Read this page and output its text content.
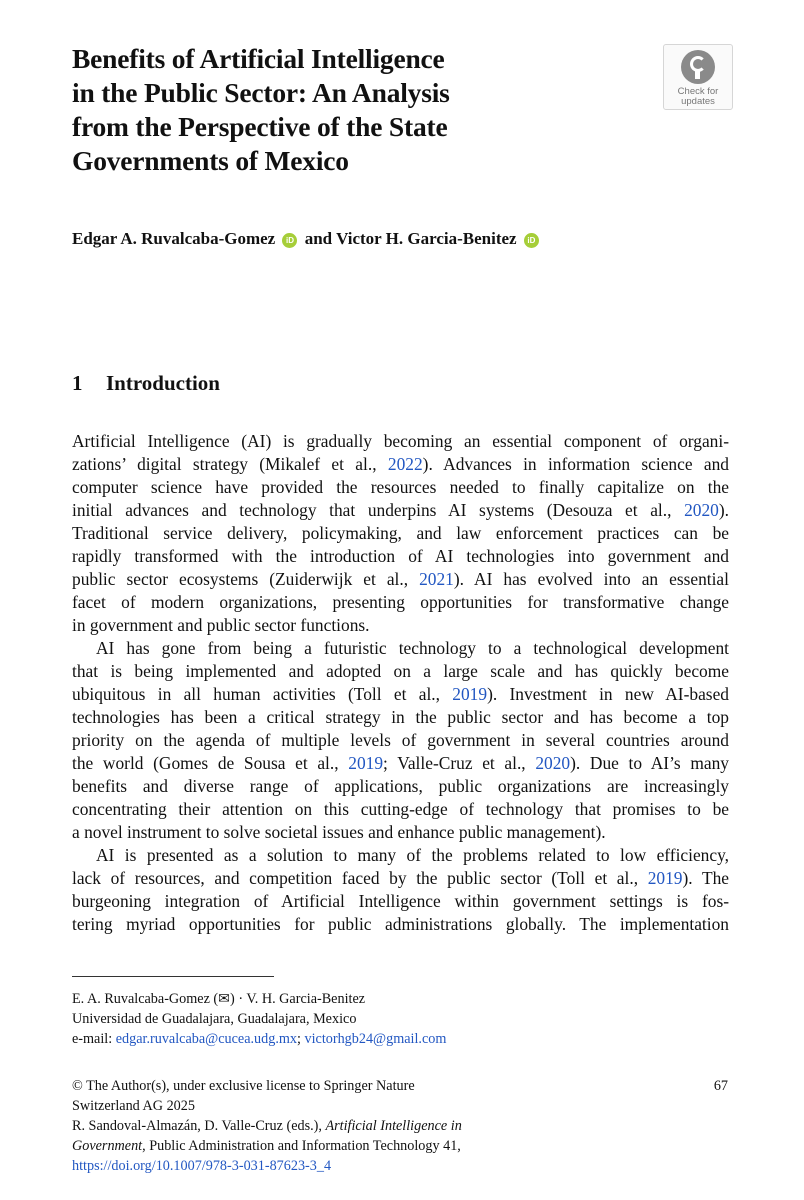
Benefits of Artificial Intelligence
in the Public Sector: An Analysis
from the Perspective of the State
Governments of Mexico
Check for
updates
Edgar A. Ruvalcaba-Gomez iD and Victor H. Garcia-Benitez iD
1 Introduction

Artificial Intelligence (AI) is gradually becoming an essential component of organi-
zations’ digital strategy (Mikalef et al., 2022). Advances in information science and
computer science have provided the resources needed to finally capitalize on the
initial advances and technology that underpins AI systems (Desouza et al., 2020).
Traditional service delivery, policymaking, and law enforcement practices can be
rapidly transformed with the introduction of AI technologies into government and
public sector ecosystems (Zuiderwijk et al., 2021). AI has evolved into an essential
facet of modern organizations, presenting opportunities for transformative change
in government and public sector functions.

AI has gone from being a futuristic technology to a technological development
that is being implemented and adopted on a large scale and has quickly become
ubiquitous in all human activities (Toll et al., 2019). Investment in new AI-based
technologies has been a critical strategy in the public sector and has become a top
priority on the agenda of multiple levels of government in several countries around
the world (Gomes de Sousa et al., 2019; Valle-Cruz et al., 2020). Due to AI’s many
benefits and diverse range of applications, public organizations are increasingly
concentrating their attention on this cutting-edge of technology that promises to be
a novel instrument to solve societal issues and enhance public management).

AI is presented as a solution to many of the problems related to low efficiency,
lack of resources, and competition faced by the public sector (Toll et al., 2019). The
burgeoning integration of Artificial Intelligence within government settings is fos-
tering myriad opportunities for public administrations globally. The implementation

E. A. Ruvalcaba-Gomez (✉) · V. H. Garcia-Benitez
Universidad de Guadalajara, Guadalajara, Mexico
e-mail: edgar.ruvalcaba@cucea.udg.mx; victorhgb24@gmail.com
© The Author(s), under exclusive license to Springer Nature
Switzerland AG 2025
R. Sandoval-Almazán, D. Valle-Cruz (eds.), Artificial Intelligence in
Government, Public Administration and Information Technology 41,
https://doi.org/10.1007/978-3-031-87623-3_4
67
